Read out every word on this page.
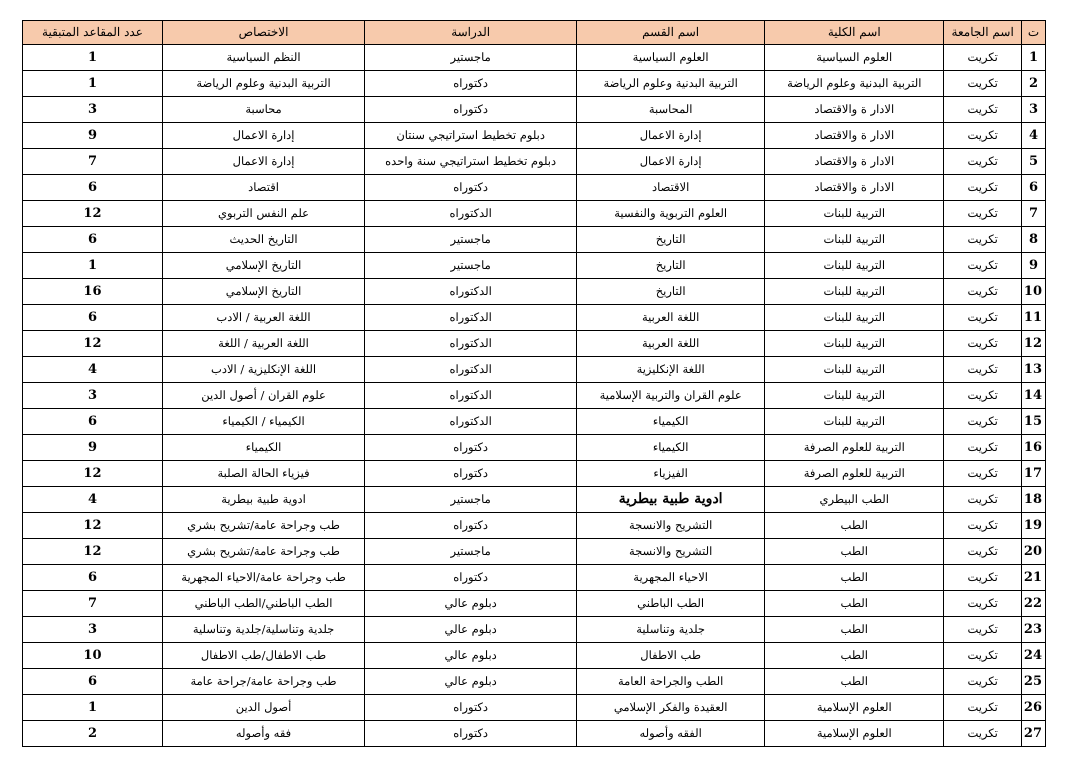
ت	اسم الجامعة	اسم الكلية	اسم القسم	الدراسة	الاختصاص	عدد المقاعد المتبقية
1	تكريت	العلوم السياسية	العلوم السياسية	ماجستير	النظم السياسية	1
2	تكريت	التربية البدنية وعلوم الرياضة	التربية البدنية وعلوم الرياضة	دكتوراه	التربية البدنية وعلوم الرياضة	1
3	تكريت	الادار ة والاقتصاد	المحاسبة	دكتوراه	محاسبة	3
4	تكريت	الادار ة والاقتصاد	إدارة الاعمال	دبلوم تخطيط استراتيجي سنتان	إدارة الاعمال	9
5	تكريت	الادار ة والاقتصاد	إدارة الاعمال	دبلوم تخطيط استراتيجي سنة واحده	إدارة الاعمال	7
6	تكريت	الادار ة والاقتصاد	الاقتصاد	دكتوراه	اقتصاد	6
7	تكريت	التربية للبنات	العلوم التربوية والنفسية	الدكتوراه	علم النفس التربوي	12
8	تكريت	التربية للبنات	التاريخ	ماجستير	التاريخ الحديث	6
9	تكريت	التربية للبنات	التاريخ	ماجستير	التاريخ الإسلامي	1
10	تكريت	التربية للبنات	التاريخ	الدكتوراه	التاريخ الإسلامي	16
11	تكريت	التربية للبنات	اللغة العربية	الدكتوراه	اللغة العربية / الادب	6
12	تكريت	التربية للبنات	اللغة العربية	الدكتوراه	اللغة العربية / اللغة	12
13	تكريت	التربية للبنات	اللغة الإنكليزية	الدكتوراه	اللغة الإنكليزية / الادب	4
14	تكريت	التربية للبنات	علوم القران والتربية الإسلامية	الدكتوراه	علوم القران / أصول الدين	3
15	تكريت	التربية للبنات	الكيمياء	الدكتوراه	الكيمياء / الكيمياء	6
16	تكريت	التربية للعلوم الصرفة	الكيمياء	دكتوراه	الكيمياء	9
17	تكريت	التربية للعلوم الصرفة	الفيزياء	دكتوراه	فيزياء الحالة الصلبة	12
18	تكريت	الطب البيطري	ادوية طبية بيطرية	ماجستير	ادوية طبية بيطرية	4
19	تكريت	الطب	التشريح والانسجة	دكتوراه	طب وجراحة عامة/تشريح بشري	12
20	تكريت	الطب	التشريح والانسجة	ماجستير	طب وجراحة عامة/تشريح بشري	12
21	تكريت	الطب	الاحياء المجهرية	دكتوراه	طب وجراحة عامة/الاحياء المجهرية	6
22	تكريت	الطب	الطب الباطني	دبلوم عالي	الطب الباطني/الطب الباطني	7
23	تكريت	الطب	جلدية وتناسلية	دبلوم عالي	جلدية وتناسلية/جلدية وتناسلية	3
24	تكريت	الطب	طب الاطفال	دبلوم عالي	طب الاطفال/طب الاطفال	10
25	تكريت	الطب	الطب والجراحة العامة	دبلوم عالي	طب وجراحة عامة/جراحة عامة	6
26	تكريت	العلوم الإسلامية	العقيدة والفكر الإسلامي	دكتوراه	أصول الدين	1
27	تكريت	العلوم الإسلامية	الفقه وأصوله	دكتوراه	فقه وأصوله	2
